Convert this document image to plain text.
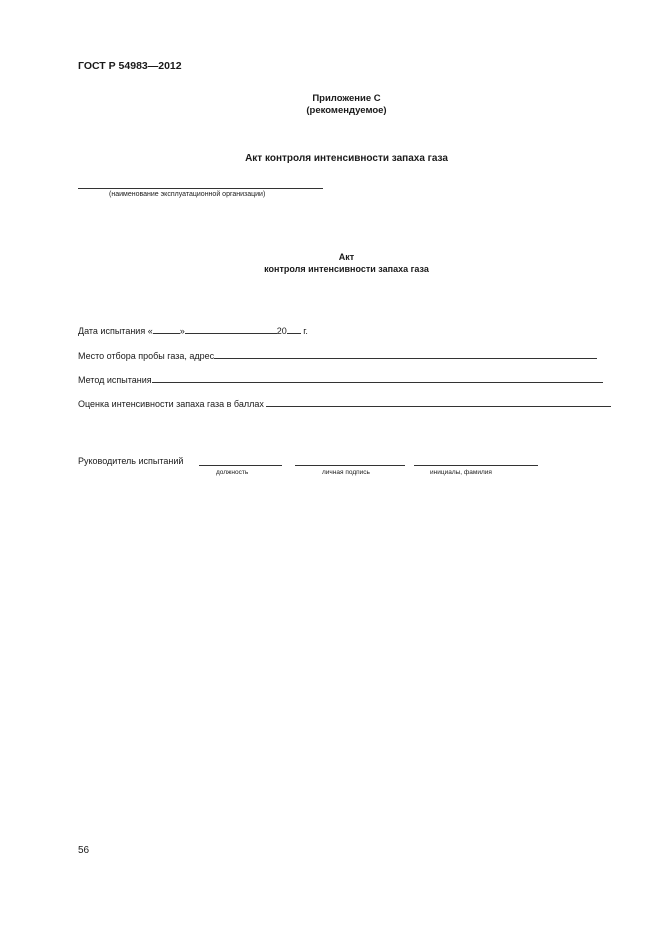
ГОСТ Р 54983—2012
Приложение С
(рекомендуемое)
Акт контроля интенсивности запаха газа
(наименование эксплуатационной организации)
Акт
контроля интенсивности запаха газа
Дата испытания «	»	20 г.
Место отбора пробы газа, адрес
Метод испытания
Оценка интенсивности запаха газа в баллах
Руководитель испытаний
должность	личная подпись	инициалы, фамилия
56
